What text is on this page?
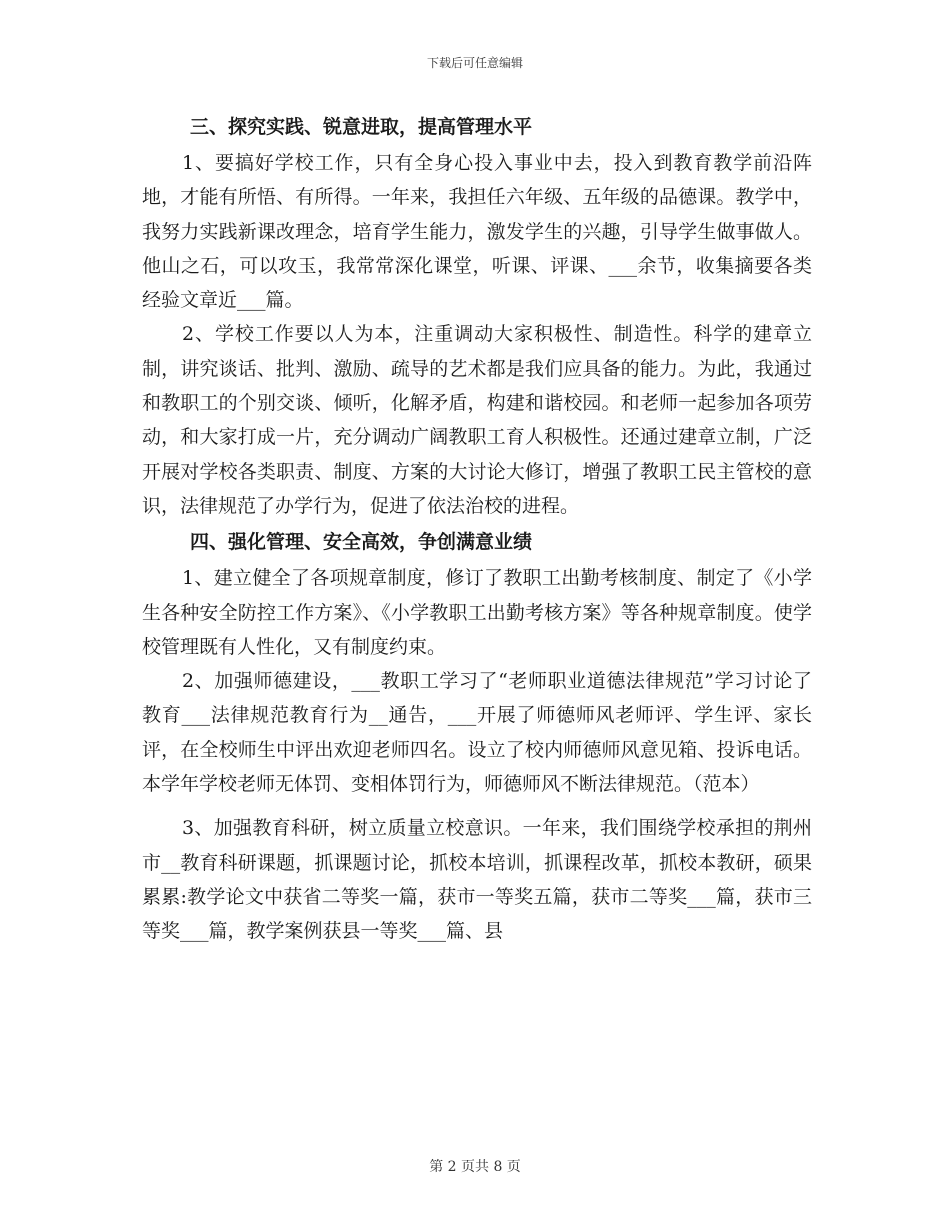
下载后可任意编辑
三、探究实践、锐意进取，提高管理水平

1、要搞好学校工作，只有全身心投入事业中去，投入到教育教学前沿阵地，才能有所悟、有所得。一年来，我担任六年级、五年级的品德课。教学中，我努力实践新课改理念，培育学生能力，激发学生的兴趣，引导学生做事做人。他山之石，可以攻玉，我常常深化课堂，听课、评课、___余节，收集摘要各类经验文章近___篇。

2、学校工作要以人为本，注重调动大家积极性、制造性。科学的建章立制，讲究谈话、批判、激励、疏导的艺术都是我们应具备的能力。为此，我通过和教职工的个别交谈、倾听，化解矛盾，构建和谐校园。和老师一起参加各项劳动，和大家打成一片，充分调动广阔教职工育人积极性。还通过建章立制，广泛开展对学校各类职责、制度、方案的大讨论大修订，增强了教职工民主管校的意识，法律规范了办学行为，促进了依法治校的进程。

四、强化管理、安全高效，争创满意业绩

1、建立健全了各项规章制度，修订了教职工出勤考核制度、制定了《小学生各种安全防控工作方案》、《小学教职工出勤考核方案》等各种规章制度。使学校管理既有人性化，又有制度约束。

2、加强师德建设，___教职工学习了“老师职业道德法律规范”学习讨论了教育___法律规范教育行为__通告，___开展了师德师风老师评、学生评、家长评，在全校师生中评出欢迎老师四名。设立了校内师德师风意见箱、投诉电话。本学年学校老师无体罚、变相体罚行为，师德师风不断法律规范。（范本）

3、加强教育科研，树立质量立校意识。一年来，我们围绕学校承担的荆州市__教育科研课题，抓课题讨论，抓校本培训，抓课程改革，抓校本教研，硕果累累:教学论文中获省二等奖一篇，获市一等奖五篇，获市二等奖___篇，获市三等奖___篇，教学案例获县一等奖___篇、县

第 2 页共 8 页
